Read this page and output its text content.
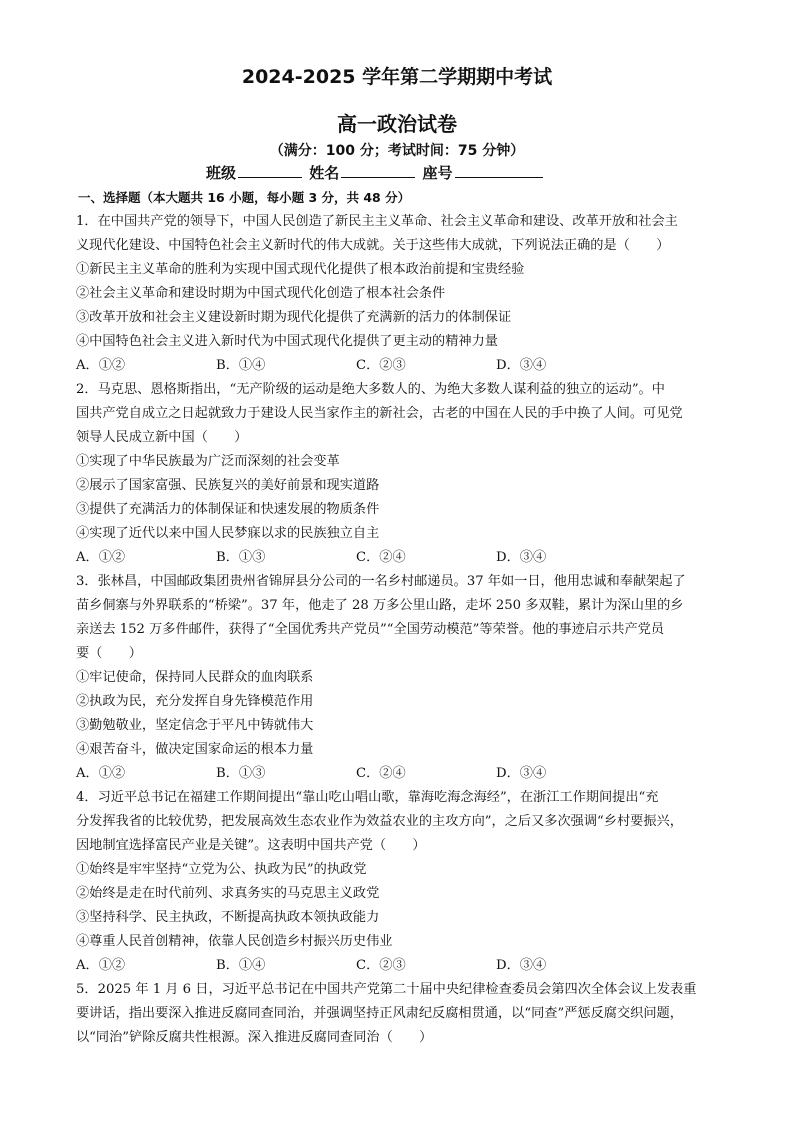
2024-2025 学年第二学期期中考试
高一政治试卷
（满分：100 分；考试时间：75 分钟）
班级	姓名	座号
一、选择题（本大题共 16 小题，每小题 3 分，共 48 分）

1．在中国共产党的领导下，中国人民创造了新民主主义革命、社会主义革命和建设、改革开放和社会主

义现代化建设、中国特色社会主义新时代的伟大成就。关于这些伟大成就，下列说法正确的是（　　）

①新民主主义革命的胜利为实现中国式现代化提供了根本政治前提和宝贵经验

②社会主义革命和建设时期为中国式现代化创造了根本社会条件

③改革开放和社会主义建设新时期为现代化提供了充满新的活力的体制保证

④中国特色社会主义进入新时代为中国式现代化提供了更主动的精神力量

A．①②	B．①④	C．②③	D．③④

2．马克思、恩格斯指出，“无产阶级的运动是绝大多数人的、为绝大多数人谋利益的独立的运动”。中

国共产党自成立之日起就致力于建设人民当家作主的新社会，古老的中国在人民的手中换了人间。可见党

领导人民成立新中国（　　）

①实现了中华民族最为广泛而深刻的社会变革

②展示了国家富强、民族复兴的美好前景和现实道路

③提供了充满活力的体制保证和快速发展的物质条件

④实现了近代以来中国人民梦寐以求的民族独立自主

A．①②	B．①③	C．②④	D．③④

3．张林昌，中国邮政集团贵州省锦屏县分公司的一名乡村邮递员。37 年如一日，他用忠诚和奉献架起了

苗乡侗寨与外界联系的“桥梁”。37 年，他走了 28 万多公里山路，走坏 250 多双鞋，累计为深山里的乡

亲送去 152 万多件邮件，获得了“全国优秀共产党员”“全国劳动模范”等荣誉。他的事迹启示共产党员

要（　　）

①牢记使命，保持同人民群众的血肉联系

②执政为民，充分发挥自身先锋模范作用

③勤勉敬业，坚定信念于平凡中铸就伟大

④艰苦奋斗，做决定国家命运的根本力量

A．①②	B．①③	C．②④	D．③④

4．习近平总书记在福建工作期间提出“靠山吃山唱山歌，靠海吃海念海经”，在浙江工作期间提出“充

分发挥我省的比较优势，把发展高效生态农业作为效益农业的主攻方向”，之后又多次强调“乡村要振兴，

因地制宜选择富民产业是关键”。这表明中国共产党（　　）

①始终是牢牢坚持“立党为公、执政为民”的执政党

②始终是走在时代前列、求真务实的马克思主义政党

③坚持科学、民主执政，不断提高执政本领执政能力

④尊重人民首创精神，依靠人民创造乡村振兴历史伟业

A．①②	B．①④	C．②③	D．③④

5．2025 年 1 月 6 日，习近平总书记在中国共产党第二十届中央纪律检查委员会第四次全体会议上发表重

要讲话，指出要深入推进反腐同查同治，并强调坚持正风肃纪反腐相贯通，以“同查”严惩反腐交织问题，

以“同治”铲除反腐共性根源。深入推进反腐同查同治（　　）
